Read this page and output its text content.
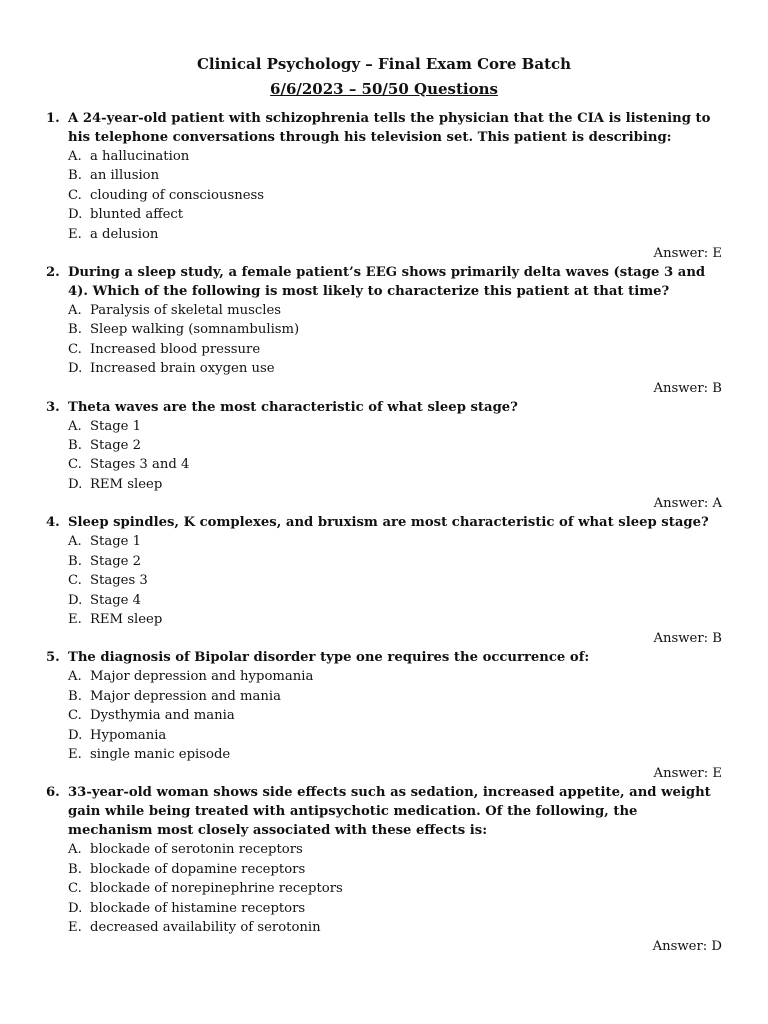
Clinical Psychology – Final Exam Core Batch
6/6/2023 – 50/50 Questions
1. A 24-year-old patient with schizophrenia tells the physician that the CIA is listening to his telephone conversations through his television set. This patient is describing:
A. a hallucination
B. an illusion
C. clouding of consciousness
D. blunted affect
E. a delusion
Answer: E
2. During a sleep study, a female patient’s EEG shows primarily delta waves (stage 3 and 4). Which of the following is most likely to characterize this patient at that time?
A. Paralysis of skeletal muscles
B. Sleep walking (somnambulism)
C. Increased blood pressure
D. Increased brain oxygen use
Answer: B
3. Theta waves are the most characteristic of what sleep stage?
A. Stage 1
B. Stage 2
C. Stages 3 and 4
D. REM sleep
Answer: A
4. Sleep spindles, K complexes, and bruxism are most characteristic of what sleep stage?
A. Stage 1
B. Stage 2
C. Stages 3
D. Stage 4
E. REM sleep
Answer: B
5. The diagnosis of Bipolar disorder type one requires the occurrence of:
A. Major depression and hypomania
B. Major depression and mania
C. Dysthymia and mania
D. Hypomania
E. single manic episode
Answer: E
6. 33-year-old woman shows side effects such as sedation, increased appetite, and weight gain while being treated with antipsychotic medication. Of the following, the mechanism most closely associated with these effects is:
A. blockade of serotonin receptors
B. blockade of dopamine receptors
C. blockade of norepinephrine receptors
D. blockade of histamine receptors
E. decreased availability of serotonin
Answer: D
